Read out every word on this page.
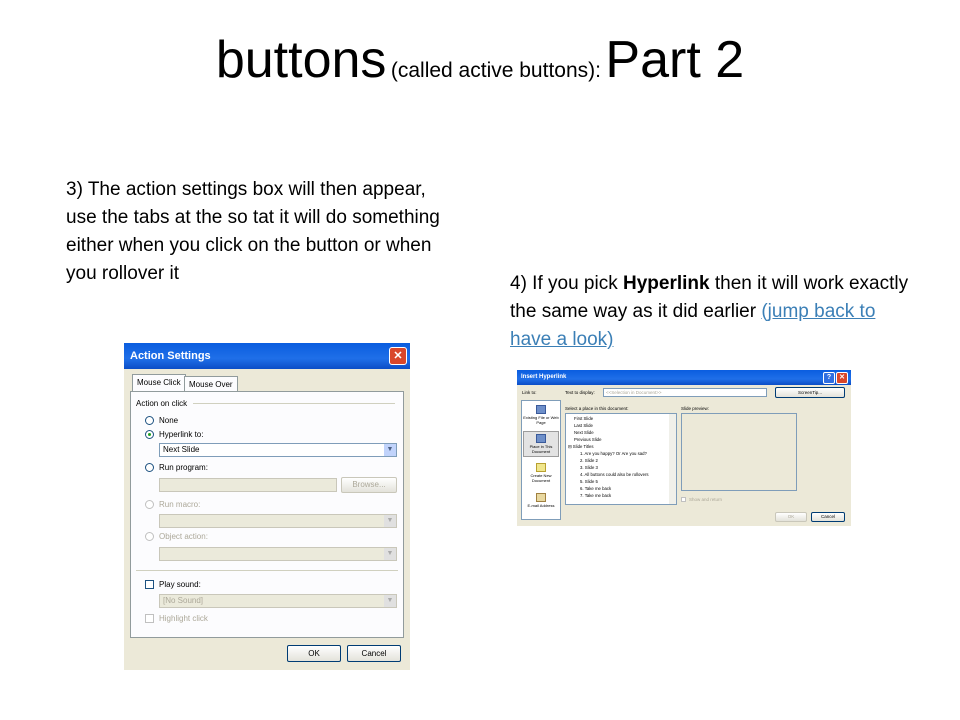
buttons (called active buttons): Part 2
3) The action settings box will then appear, use the tabs at the so tat it will do something either when you click on the button or when you rollover it	4) If you pick Hyperlink then it will work exactly the same way as it did earlier (jump back to have a look)
Action Settings	✕
Mouse Click	Mouse Over
Action on click
None
Hyperlink to:
Next Slide	▼
Run program:
Browse...
Run macro:
▼
Object action:
▼
Play sound:
[No Sound]	▼
Highlight click
OK	Cancel
Insert Hyperlink	?	✕
Link to:	Text to display: <<Selection in Document>>	ScreenTip...
Existing File or Web Page
Place in This Document
Create New Document
E-mail Address
Select a place in this document:	Slide preview:
First Slide
Last Slide
Next Slide
Previous Slide
⊟ Slide Titles
1. Are you happy? Or Are you sad?
2. Slide 2
3. Slide 3
4. All buttons could also be rollovers
5. Slide 5
6. Take me back
7. Take me back
Show and return
OK	Cancel
